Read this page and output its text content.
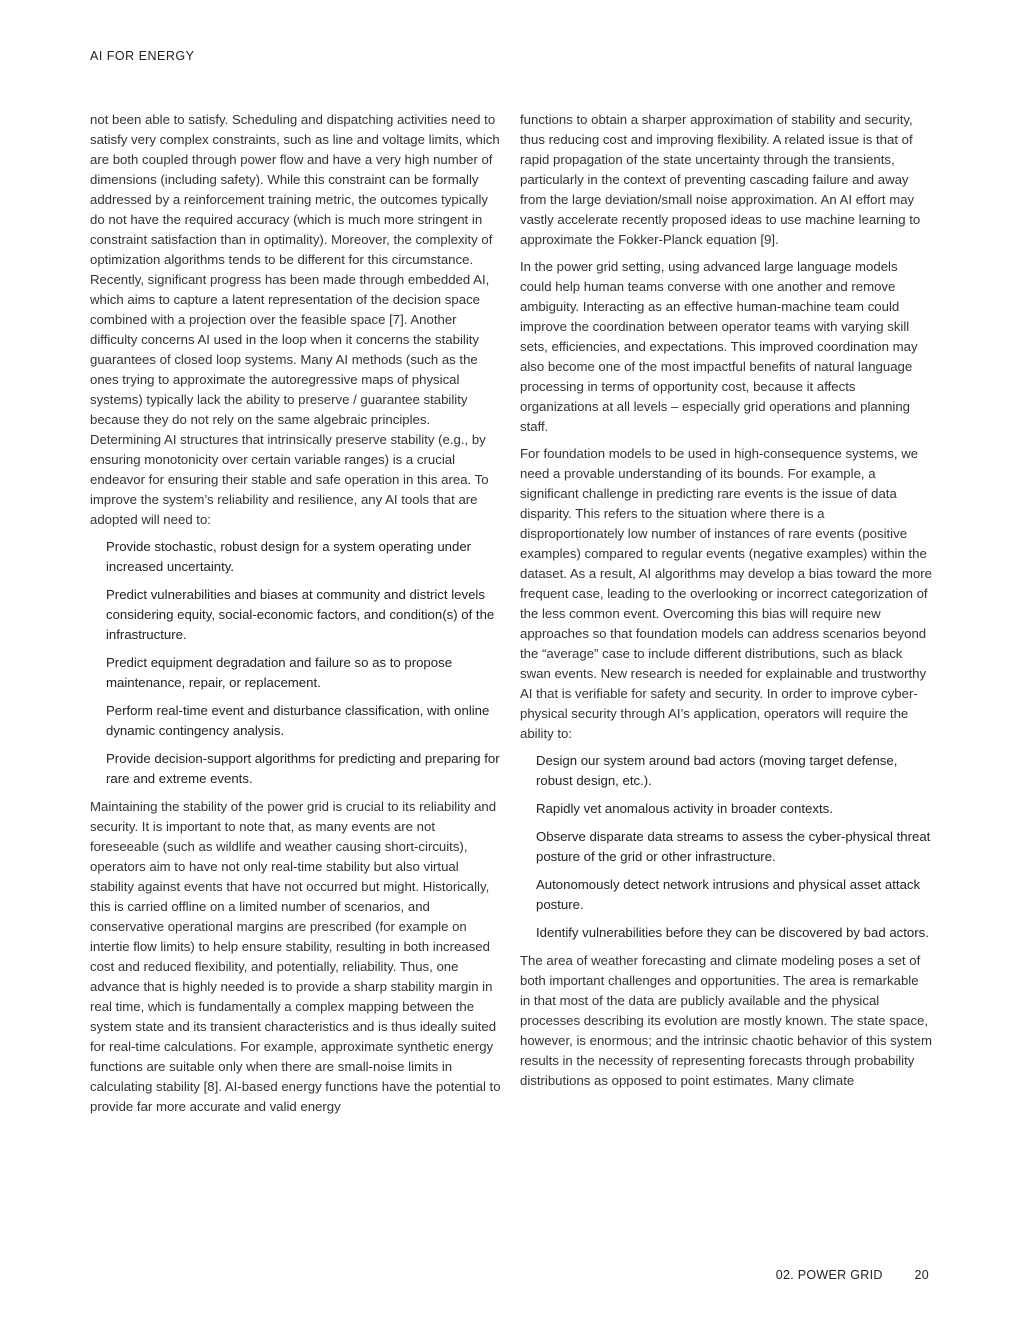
AI FOR ENERGY

not been able to satisfy. Scheduling and dispatching activities need to satisfy very complex constraints, such as line and voltage limits, which are both coupled through power flow and have a very high number of dimensions (including safety). While this constraint can be formally addressed by a reinforcement training metric, the outcomes typically do not have the required accuracy (which is much more stringent in constraint satisfaction than in optimality). Moreover, the complexity of optimization algorithms tends to be different for this circumstance. Recently, significant progress has been made through embedded AI, which aims to capture a latent representation of the decision space combined with a projection over the feasible space [7]. Another difficulty concerns AI used in the loop when it concerns the stability guarantees of closed loop systems. Many AI methods (such as the ones trying to approximate the autoregressive maps of physical systems) typically lack the ability to preserve / guarantee stability because they do not rely on the same algebraic principles. Determining AI structures that intrinsically preserve stability (e.g., by ensuring monotonicity over certain variable ranges) is a crucial endeavor for ensuring their stable and safe operation in this area. To improve the system’s reliability and resilience, any AI tools that are adopted will need to:

Provide stochastic, robust design for a system operating under increased uncertainty.
Predict vulnerabilities and biases at community and district levels considering equity, social-economic factors, and condition(s) of the infrastructure.
Predict equipment degradation and failure so as to propose maintenance, repair, or replacement.
Perform real-time event and disturbance classification, with online dynamic contingency analysis.
Provide decision-support algorithms for predicting and preparing for rare and extreme events.

Maintaining the stability of the power grid is crucial to its reliability and security. It is important to note that, as many events are not foreseeable (such as wildlife and weather causing short-circuits), operators aim to have not only real-time stability but also virtual stability against events that have not occurred but might. Historically, this is carried offline on a limited number of scenarios, and conservative operational margins are prescribed (for example on intertie flow limits) to help ensure stability, resulting in both increased cost and reduced flexibility, and potentially, reliability. Thus, one advance that is highly needed is to provide a sharp stability margin in real time, which is fundamentally a complex mapping between the system state and its transient characteristics and is thus ideally suited for real-time calculations. For example, approximate synthetic energy functions are suitable only when there are small-noise limits in calculating stability [8]. AI-based energy functions have the potential to provide far more accurate and valid energy

functions to obtain a sharper approximation of stability and security, thus reducing cost and improving flexibility. A related issue is that of rapid propagation of the state uncertainty through the transients, particularly in the context of preventing cascading failure and away from the large deviation/small noise approximation. An AI effort may vastly accelerate recently proposed ideas to use machine learning to approximate the Fokker-Planck equation [9].

In the power grid setting, using advanced large language models could help human teams converse with one another and remove ambiguity. Interacting as an effective human-machine team could improve the coordination between operator teams with varying skill sets, efficiencies, and expectations. This improved coordination may also become one of the most impactful benefits of natural language processing in terms of opportunity cost, because it affects organizations at all levels – especially grid operations and planning staff.

For foundation models to be used in high-consequence systems, we need a provable understanding of its bounds. For example, a significant challenge in predicting rare events is the issue of data disparity. This refers to the situation where there is a disproportionately low number of instances of rare events (positive examples) compared to regular events (negative examples) within the dataset. As a result, AI algorithms may develop a bias toward the more frequent case, leading to the overlooking or incorrect categorization of the less common event. Overcoming this bias will require new approaches so that foundation models can address scenarios beyond the “average” case to include different distributions, such as black swan events. New research is needed for explainable and trustworthy AI that is verifiable for safety and security. In order to improve cyber-physical security through AI’s application, operators will require the ability to:

Design our system around bad actors (moving target defense, robust design, etc.).
Rapidly vet anomalous activity in broader contexts.
Observe disparate data streams to assess the cyber-physical threat posture of the grid or other infrastructure.
Autonomously detect network intrusions and physical asset attack posture.
Identify vulnerabilities before they can be discovered by bad actors.

The area of weather forecasting and climate modeling poses a set of both important challenges and opportunities. The area is remarkable in that most of the data are publicly available and the physical processes describing its evolution are mostly known. The state space, however, is enormous; and the intrinsic chaotic behavior of this system results in the necessity of representing forecasts through probability distributions as opposed to point estimates. Many climate

02. POWER GRID	20
